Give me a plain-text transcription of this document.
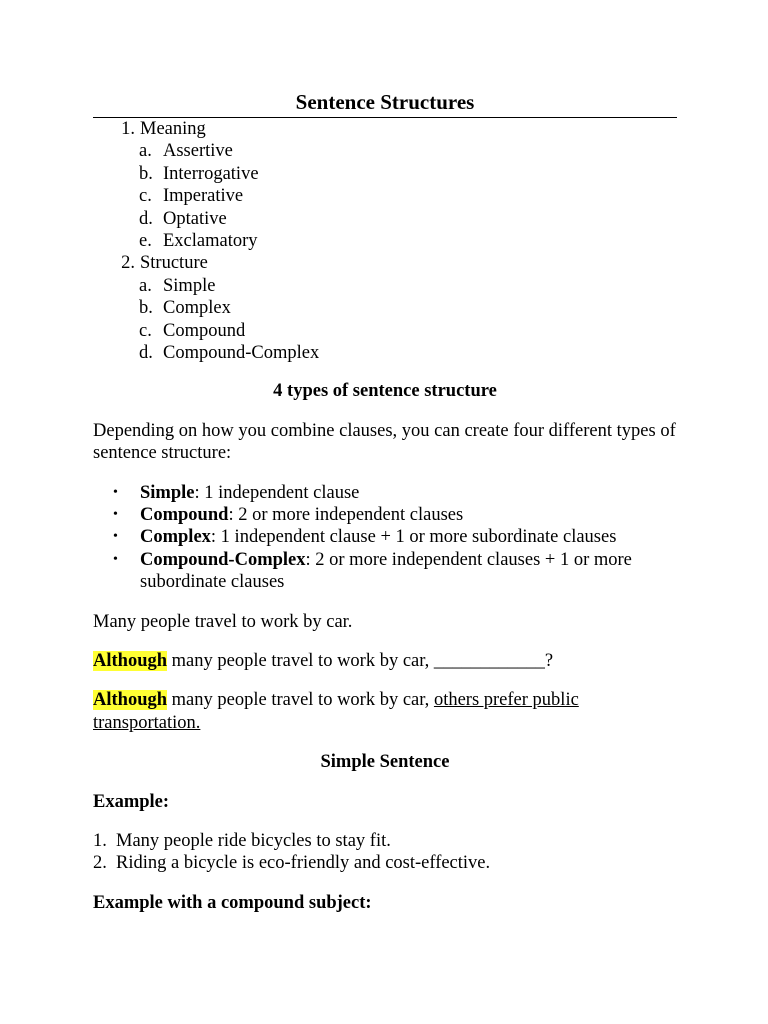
Sentence Structures
1. Meaning
a. Assertive
b. Interrogative
c. Imperative
d. Optative
e. Exclamatory
2. Structure
a. Simple
b. Complex
c. Compound
d. Compound-Complex

4 types of sentence structure

Depending on how you combine clauses, you can create four different types of sentence structure:

•	Simple: 1 independent clause
•	Compound: 2 or more independent clauses
•	Complex: 1 independent clause + 1 or more subordinate clauses
•	Compound-Complex: 2 or more independent clauses + 1 or more subordinate clauses

Many people travel to work by car.

Although many people travel to work by car, ____________?

Although many people travel to work by car, others prefer public transportation.

Simple Sentence

Example:

1. Many people ride bicycles to stay fit.
2. Riding a bicycle is eco-friendly and cost-effective.

Example with a compound subject:
